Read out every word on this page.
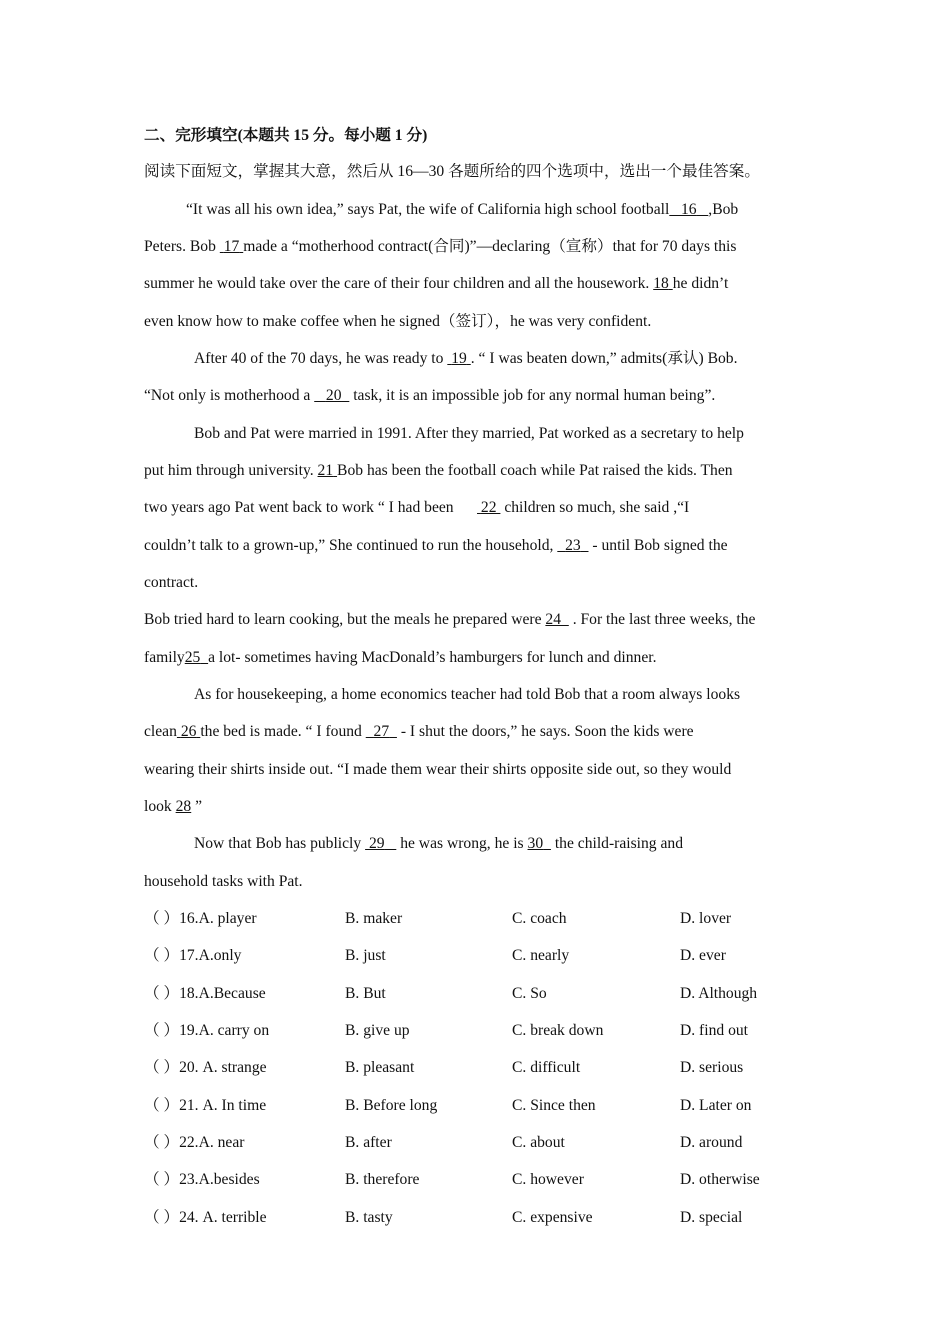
二、完形填空(本题共 15 分。每小题 1 分)
阅读下面短文，掌握其大意，然后从 16—30 各题所给的四个选项中，选出一个最佳答案。
“It was all his own idea,” says Pat, the wife of California high school football 16 ,Bob
Peters. Bob  17 made a “motherhood contract(合同)”—declaring（宣称）that for 70 days this
summer he would take over the care of their four children and all the housework. 18 he didn’t
even know how to make coffee when he signed（签订），he was very confident.
After 40 of the 70 days, he was ready to  19 . “ I was beaten down,” admits(承认) Bob.
“Not only is motherhood a    20   task, it is an impossible job for any normal human being”.
Bob and Pat were married in 1991. After they married, Pat worked as a secretary to help
put him through university. 21 Bob has been the football coach while Pat raised the kids. Then
two years ago Pat went back to work “ I had been       22  children so much, she said ,“I
couldn’t talk to a grown-up,” She continued to run the household,   23   - until Bob signed the
contract.
Bob tried hard to learn cooking, but the meals he prepared were 24   . For the last three weeks, the
family25 a lot- sometimes having MacDonald’s hamburgers for lunch and dinner.
As for housekeeping, a home economics teacher had told Bob that a room always looks
clean 26 the bed is made. “ I found   27   - I shut the doors,” he says. Soon the kids were
wearing their shirts inside out. “I made them wear their shirts opposite side out, so they would
look 28 ”
Now that Bob has publicly  29    he was wrong, he is 30   the child-raising and
household tasks with Pat.
（ ）16.A. player	B. maker	C. coach	D. lover
（ ）17.A.only	B. just	C. nearly	D. ever
（ ）18.A.Because	B. But	C. So	D. Although
（ ）19.A. carry on	B. give up	C. break down	D. find out
（ ）20. A. strange	B. pleasant	C. difficult	D. serious
（ ）21. A. In time	B. Before long	C. Since then	D. Later on
（ ）22.A. near	B. after	C. about	D. around
（ ）23.A.besides	B. therefore	C. however	D. otherwise
（ ）24. A. terrible	B. tasty	C. expensive	D. special
